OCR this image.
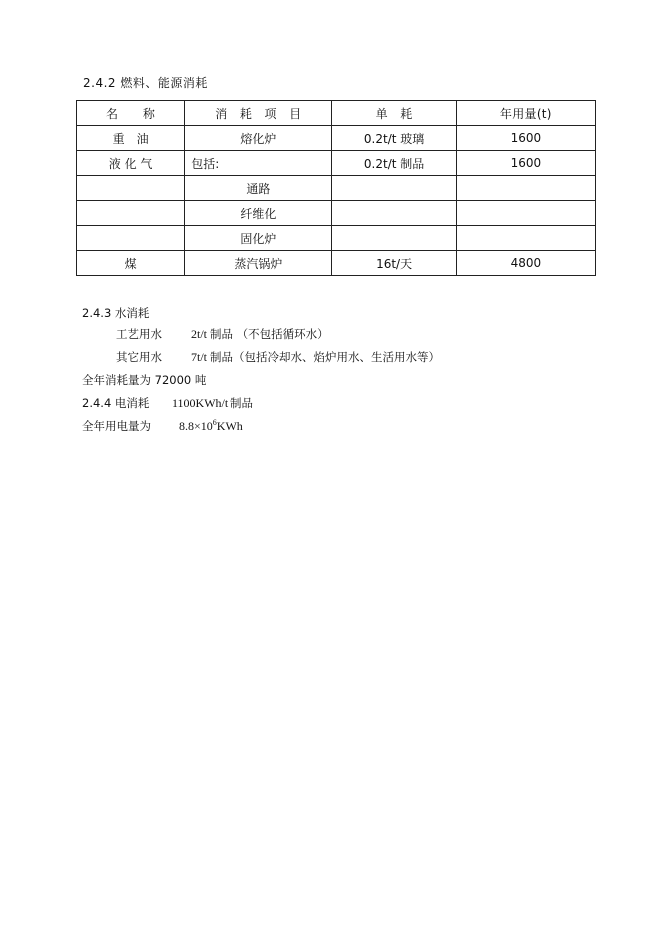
2.4.2 燃料、能源消耗
名　　称	消　耗　项　目	单　耗	年用量(t)
重　油	熔化炉	0.2t/t 玻璃	1600
液 化 气	包括:	0.2t/t 制品	1600
	通路		
	纤维化		
	固化炉		
煤	蒸汽锅炉	16t/天	4800
2.4.3 水消耗
工艺用水 2t/t 制品 （不包括循环水）
其它用水 7t/t 制品（包括冷却水、焰炉用水、生活用水等）
全年消耗量为 72000 吨
2.4.4 电消耗 1100KWh/t 制品
全年用电量为 $8.8\times 10^6KWh$
